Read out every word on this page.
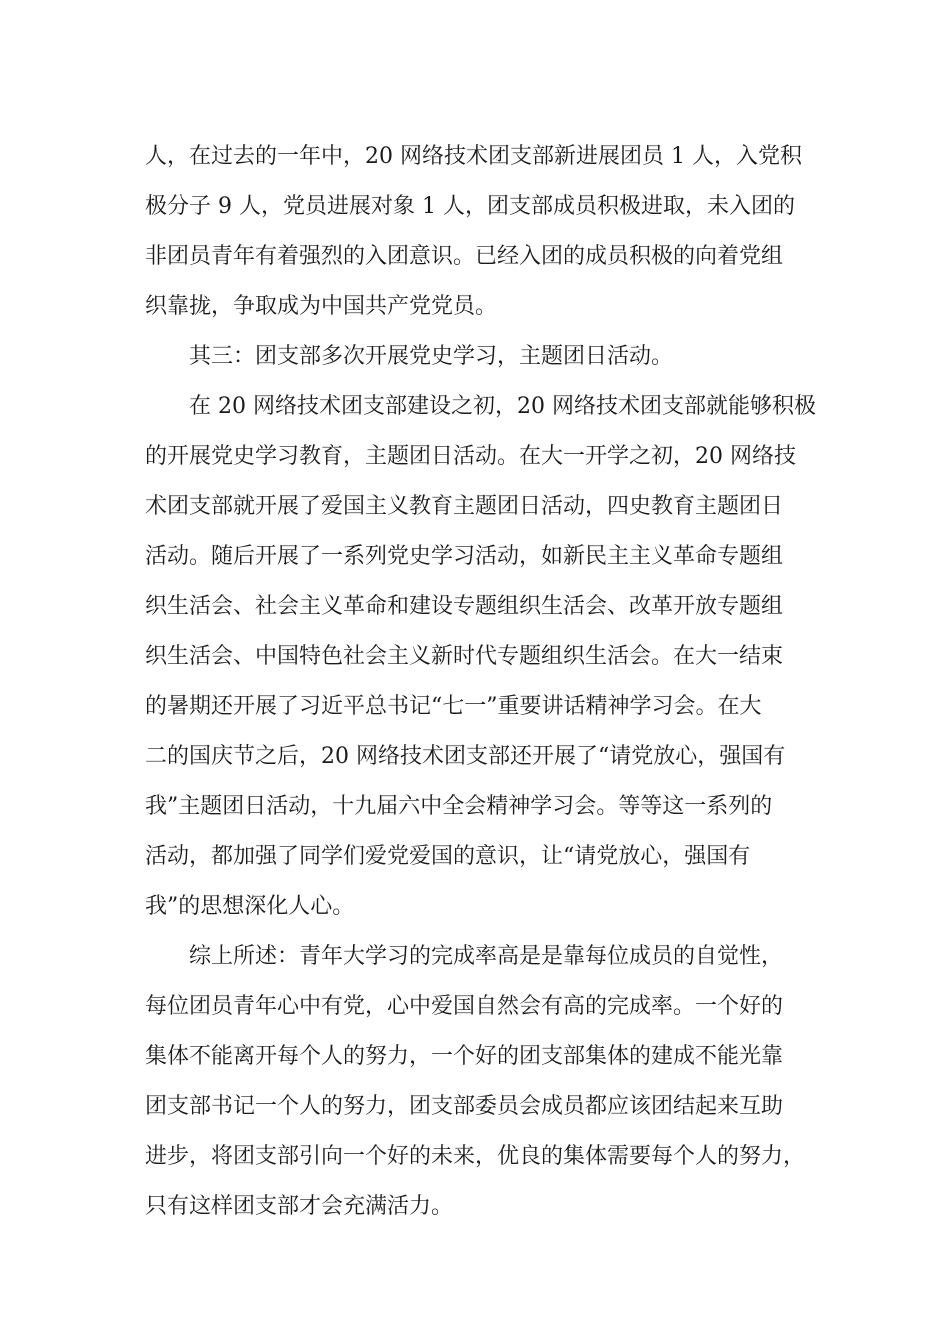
人，在过去的一年中，20 网络技术团支部新进展团员 1 人，入党积
极分子 9 人，党员进展对象 1 人，团支部成员积极进取，未入团的
非团员青年有着强烈的入团意识。已经入团的成员积极的向着党组
织靠拢，争取成为中国共产党党员。
其三：团支部多次开展党史学习，主题团日活动。
在 20 网络技术团支部建设之初，20 网络技术团支部就能够积极
的开展党史学习教育，主题团日活动。在大一开学之初，20 网络技
术团支部就开展了爱国主义教育主题团日活动，四史教育主题团日
活动。随后开展了一系列党史学习活动，如新民主主义革命专题组
织生活会、社会主义革命和建设专题组织生活会、改革开放专题组
织生活会、中国特色社会主义新时代专题组织生活会。在大一结束
的暑期还开展了习近平总书记“七一”重要讲话精神学习会。在大
二的国庆节之后，20 网络技术团支部还开展了“请党放心，强国有
我”主题团日活动，十九届六中全会精神学习会。等等这一系列的
活动，都加强了同学们爱党爱国的意识，让“请党放心，强国有
我”的思想深化人心。
综上所述：青年大学习的完成率高是是靠每位成员的自觉性，
每位团员青年心中有党，心中爱国自然会有高的完成率。一个好的
集体不能离开每个人的努力，一个好的团支部集体的建成不能光靠
团支部书记一个人的努力，团支部委员会成员都应该团结起来互助
进步，将团支部引向一个好的未来，优良的集体需要每个人的努力，
只有这样团支部才会充满活力。
